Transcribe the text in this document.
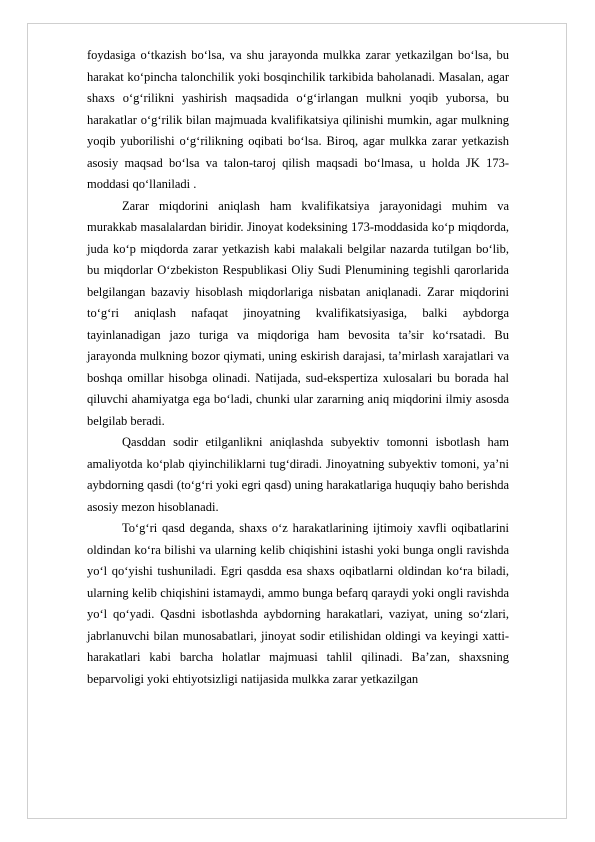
foydasiga o‘tkazish bo‘lsa, va shu jarayonda mulkka zarar yetkazilgan bo‘lsa, bu harakat ko‘pincha talonchilik yoki bosqinchilik tarkibida baholanadi. Masalan, agar shaxs o‘g‘rilikni yashirish maqsadida o‘g‘irlangan mulkni yoqib yuborsa, bu harakatlar o‘g‘rilik bilan majmuada kvalifikatsiya qilinishi mumkin, agar mulkning yoqib yuborilishi o‘g‘rilikning oqibati bo‘lsa. Biroq, agar mulkka zarar yetkazish asosiy maqsad bo‘lsa va talon-taroj qilish maqsadi bo‘lmasa, u holda JK 173-moddasi qo‘llaniladi .

Zarar miqdorini aniqlash ham kvalifikatsiya jarayonidagi muhim va murakkab masalalardan biridir. Jinoyat kodeksining 173-moddasida ko‘p miqdorda, juda ko‘p miqdorda zarar yetkazish kabi malakali belgilar nazarda tutilgan bo‘lib, bu miqdorlar O‘zbekiston Respublikasi Oliy Sudi Plenumining tegishli qarorlarida belgilangan bazaviy hisoblash miqdorlariga nisbatan aniqlanadi. Zarar miqdorini to‘g‘ri aniqlash nafaqat jinoyatning kvalifikatsiyasiga, balki aybdorga tayinlanadigan jazo turiga va miqdoriga ham bevosita ta’sir ko‘rsatadi. Bu jarayonda mulkning bozor qiymati, uning eskirish darajasi, ta’mirlash xarajatlari va boshqa omillar hisobga olinadi. Natijada, sud-ekspertiza xulosalari bu borada hal qiluvchi ahamiyatga ega bo‘ladi, chunki ular zararning aniq miqdorini ilmiy asosda belgilab beradi.

Qasddan sodir etilganlikni aniqlashda subyektiv tomonni isbotlash ham amaliyotda ko‘plab qiyinchiliklarni tug‘diradi. Jinoyatning subyektiv tomoni, ya’ni aybdorning qasdi (to‘g‘ri yoki egri qasd) uning harakatlariga huquqiy baho berishda asosiy mezon hisoblanadi.

To‘g‘ri qasd deganda, shaxs o‘z harakatlarining ijtimoiy xavfli oqibatlarini oldindan ko‘ra bilishi va ularning kelib chiqishini istashi yoki bunga ongli ravishda yo‘l qo‘yishi tushuniladi. Egri qasdda esa shaxs oqibatlarni oldindan ko‘ra biladi, ularning kelib chiqishini istamaydi, ammo bunga befarq qaraydi yoki ongli ravishda yo‘l qo‘yadi. Qasdni isbotlashda aybdorning harakatlari, vaziyat, uning so‘zlari, jabrlanuvchi bilan munosabatlari, jinoyat sodir etilishidan oldingi va keyingi xatti-harakatlari kabi barcha holatlar majmuasi tahlil qilinadi. Ba’zan, shaxsning beparvoligi yoki ehtiyotsizligi natijasida mulkka zarar yetkazilgan
